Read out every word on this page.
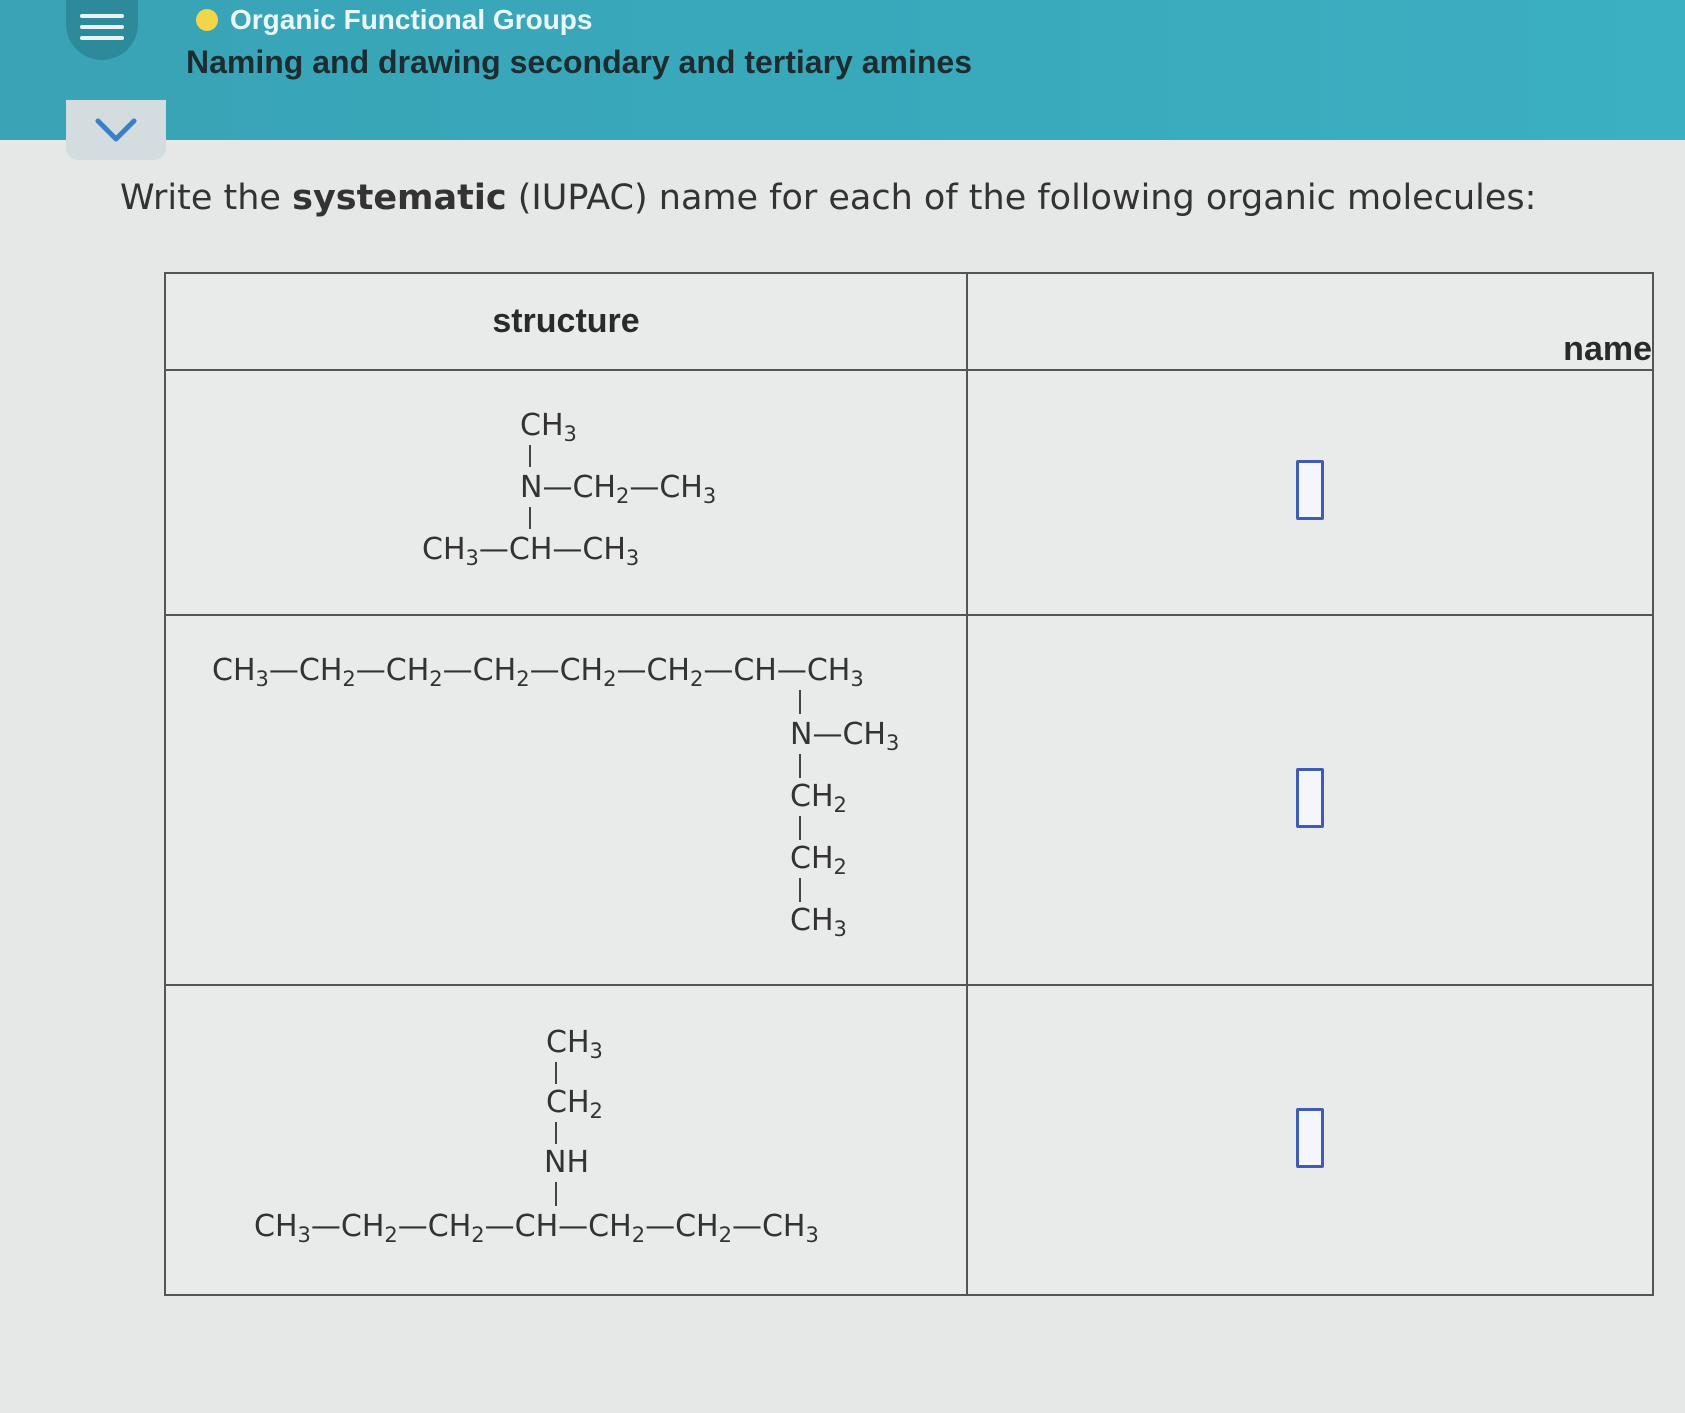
Organic Functional Groups
Naming and drawing secondary and tertiary amines
Write the systematic (IUPAC) name for each of the following organic molecules:
structure	name

$CH_3$
$N—CH_2—CH_3$
$CH_3—CH—CH_3$

$CH_3—CH_2—CH_2—CH_2—CH_2—CH_2—CH—CH_3$
$N—CH_3$
$CH_2$
$CH_2$
$CH_3$

$CH_3$
$CH_2$
NH
$CH_3—CH_2—CH_2—CH—CH_2—CH_2—CH_3$
